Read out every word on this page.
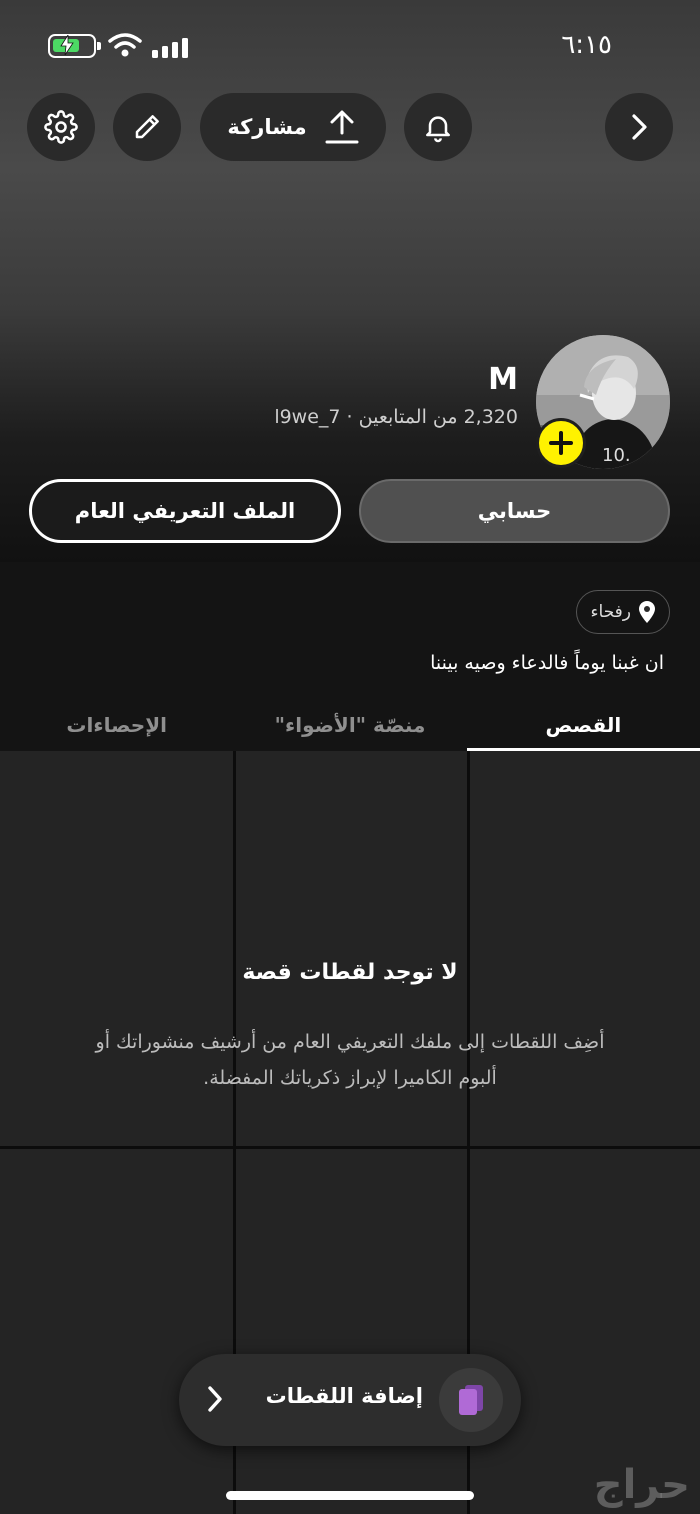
٦:١٥
مشاركة
10.
M
2,320 من المتابعين · l9we_7
حسابي
الملف التعريفي العام
رفحاء
ان غبنا يوماً فالدعاء وصيه بيننا
القصص
منصّة "الأضواء"
الإحصاءات
لا توجد لقطات قصة
أضِف اللقطات إلى ملفك التعريفي العام من أرشيف منشوراتك أو ألبوم الكاميرا لإبراز ذكرياتك المفضلة.
إضافة اللقطات
حراج
